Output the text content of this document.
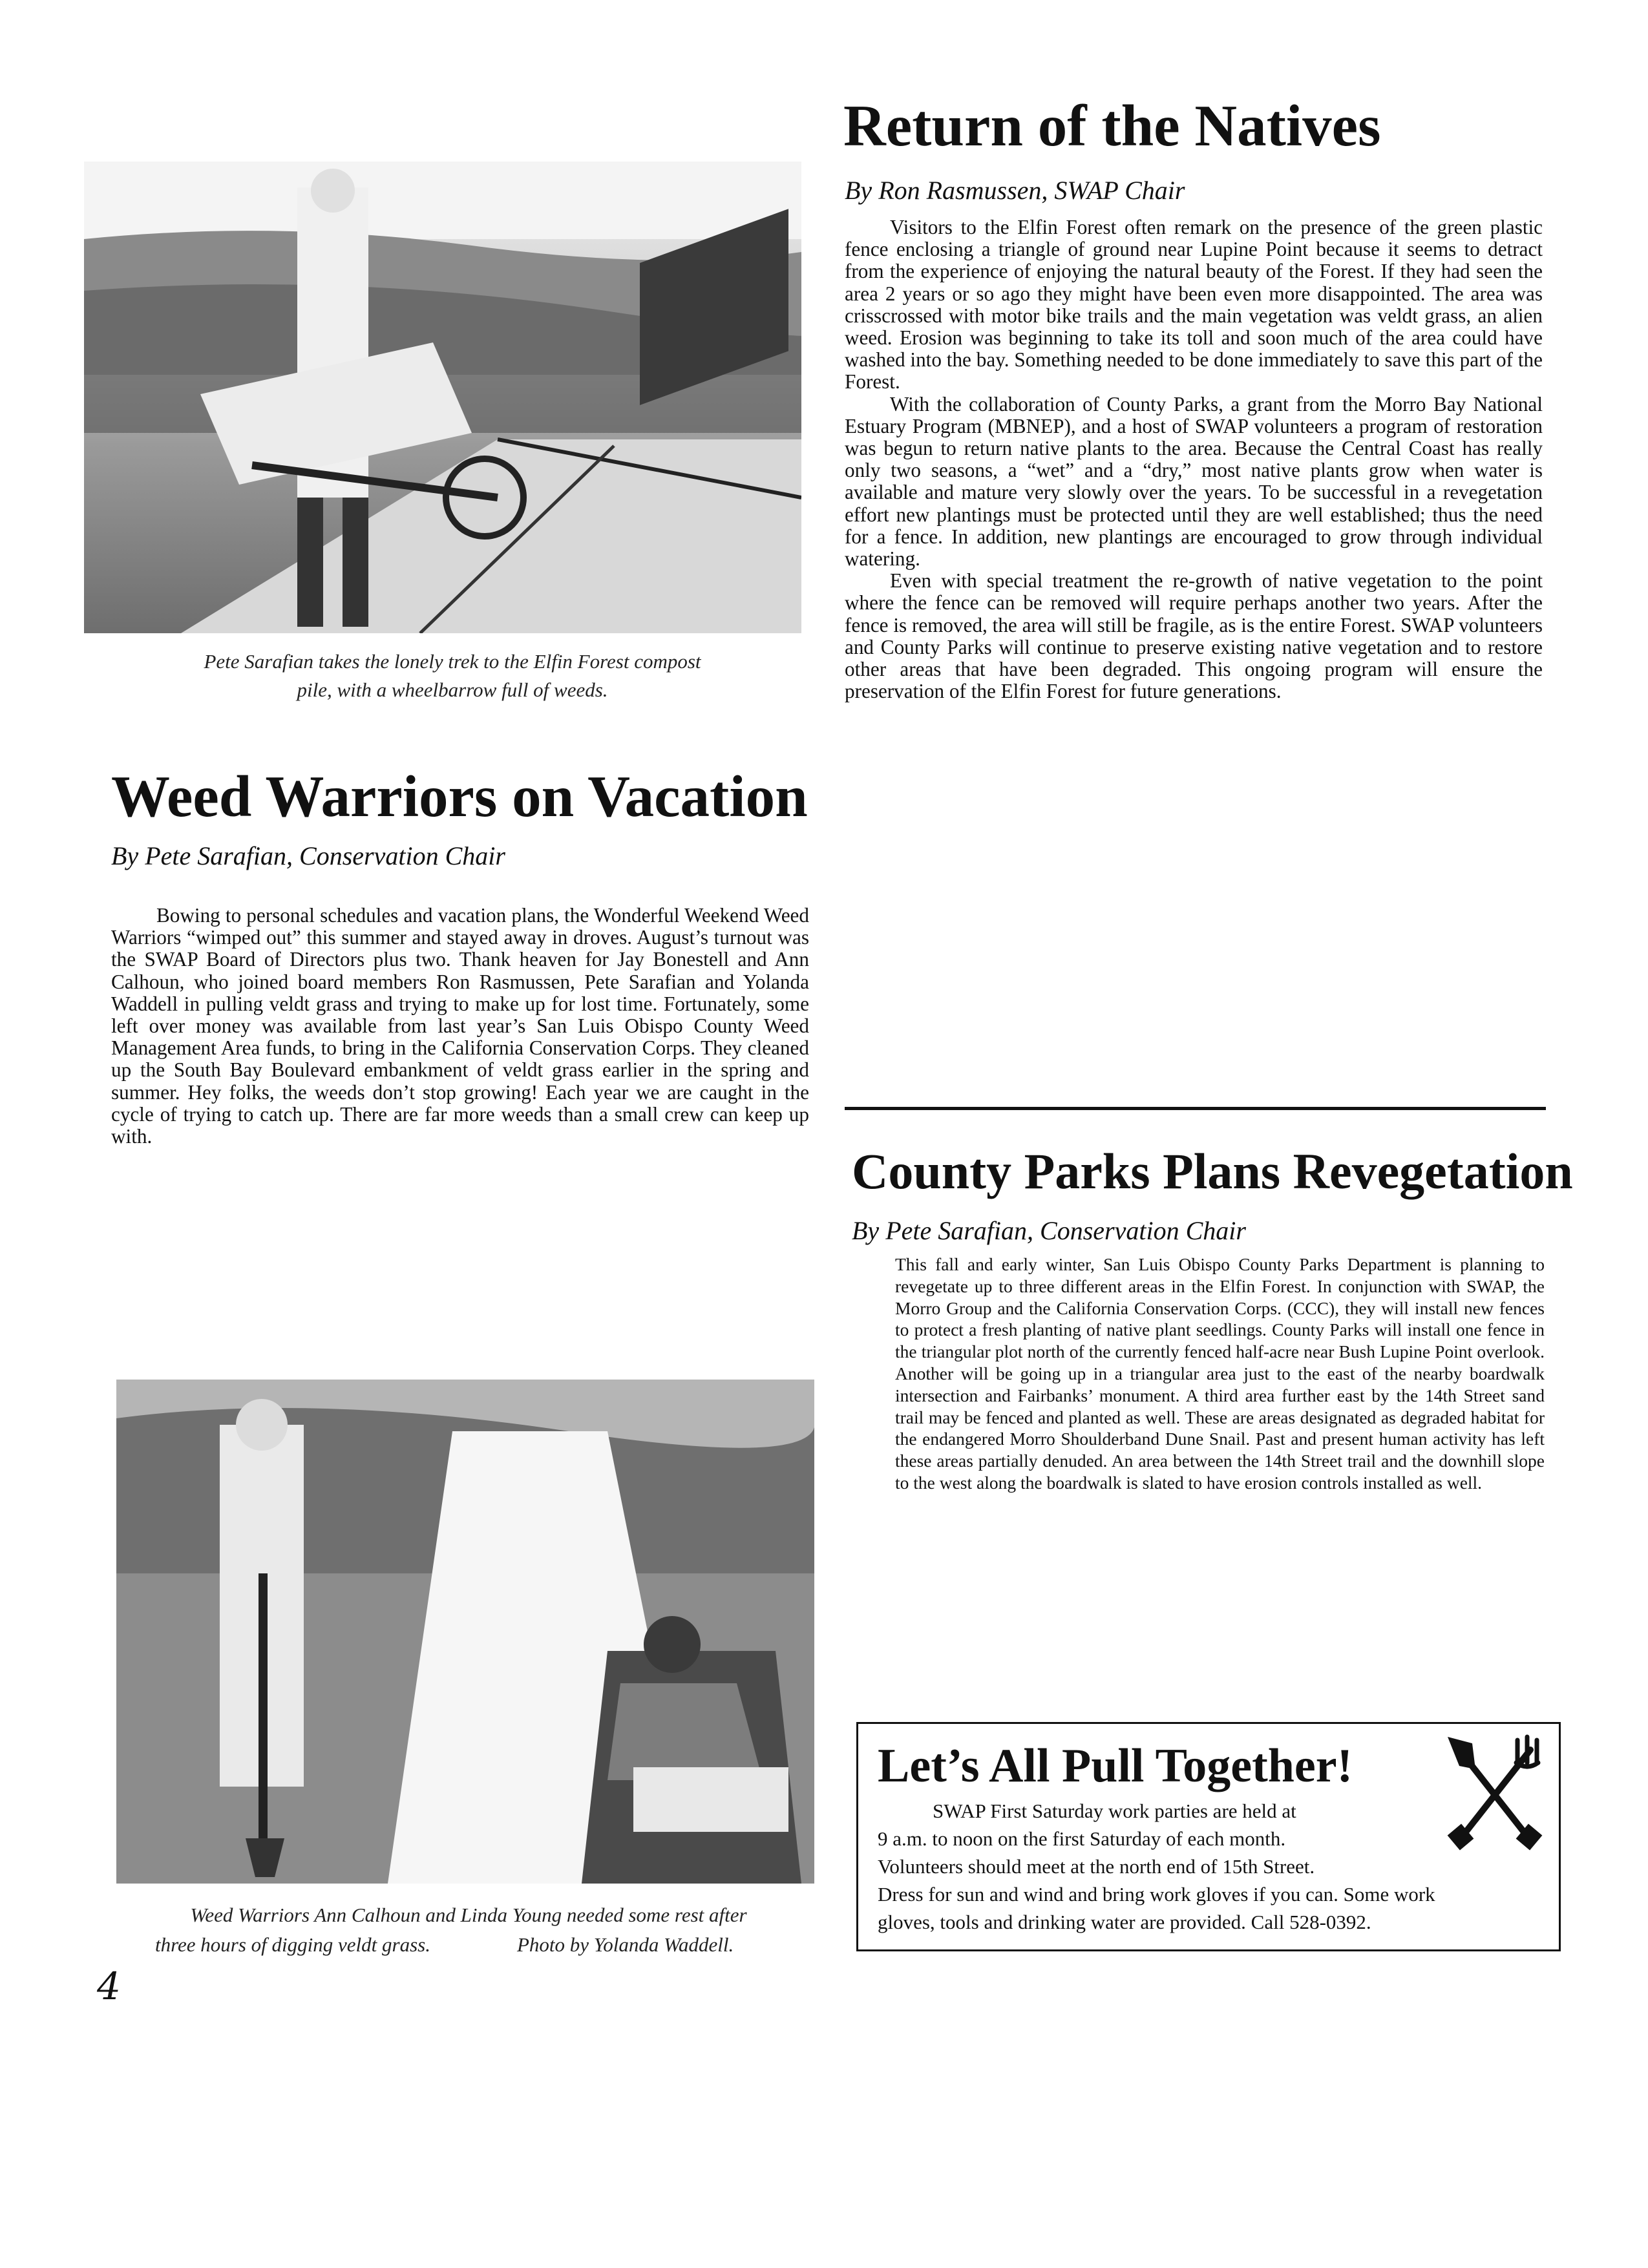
Pete Sarafian takes the lonely trek to the Elfin Forest compost pile, with a wheelbarrow full of weeds.
Weed Warriors on Vacation
By Pete Sarafian, Conservation Chair

Bowing to personal schedules and vacation plans, the Wonderful Weekend Weed Warriors “wimped out” this summer and stayed away in droves. August’s turnout was the SWAP Board of Directors plus two. Thank heaven for Jay Bonestell and Ann Calhoun, who joined board members Ron Rasmussen, Pete Sarafian and Yolanda Waddell in pulling veldt grass and trying to make up for lost time. Fortunately, some left over money was available from last year’s San Luis Obispo County Weed Management Area funds, to bring in the California Conservation Corps. They cleaned up the South Bay Boulevard embankment of veldt grass earlier in the spring and summer. Hey folks, the weeds don’t stop growing! Each year we are caught in the cycle of trying to catch up. There are far more weeds than a small crew can keep up with.

Weed Warriors Ann Calhoun and Linda Young needed some rest after
three hours of digging veldt grass.	Photo by Yolanda Waddell.
4
Return of the Natives
By Ron Rasmussen, SWAP Chair

Visitors to the Elfin Forest often remark on the presence of the green plastic fence enclosing a triangle of ground near Lupine Point because it seems to detract from the experience of enjoying the natural beauty of the Forest. If they had seen the area 2 years or so ago they might have been even more disappointed. The area was crisscrossed with motor bike trails and the main vegetation was veldt grass, an alien weed. Erosion was beginning to take its toll and soon much of the area could have washed into the bay. Something needed to be done immediately to save this part of the Forest.

With the collaboration of County Parks, a grant from the Morro Bay National Estuary Program (MBNEP), and a host of SWAP volunteers a program of restoration was begun to return native plants to the area. Because the Central Coast has really only two seasons, a “wet” and a “dry,” most native plants grow when water is available and mature very slowly over the years. To be successful in a revegetation effort new plantings must be protected until they are well established; thus the need for a fence. In addition, new plantings are encouraged to grow through individual watering.

Even with special treatment the re-growth of native vegetation to the point where the fence can be removed will require perhaps another two years. After the fence is removed, the area will still be fragile, as is the entire Forest. SWAP volunteers and County Parks will continue to preserve existing native vegetation and to restore other areas that have been degraded. This ongoing program will ensure the preservation of the Elfin Forest for future generations.

County Parks Plans Revegetation
By Pete Sarafian, Conservation Chair

This fall and early winter, San Luis Obispo County Parks Department is planning to revegetate up to three different areas in the Elfin Forest. In conjunction with SWAP, the Morro Group and the California Conservation Corps. (CCC), they will install new fences to protect a fresh planting of native plant seedlings. County Parks will install one fence in the triangular plot north of the currently fenced half-acre near Bush Lupine Point overlook. Another will be going up in a triangular area just to the east of the nearby boardwalk intersection and Fairbanks’ monument. A third area further east by the 14th Street sand trail may be fenced and planted as well. These are areas designated as degraded habitat for the endangered Morro Shoulderband Dune Snail. Past and present human activity has left these areas partially denuded. An area between the 14th Street trail and the downhill slope to the west along the boardwalk is slated to have erosion controls installed as well.

Let’s All Pull Together!
SWAP First Saturday work parties are held at
9 a.m. to noon on the first Saturday of each month.
Volunteers should meet at the north end of 15th Street.
Dress for sun and wind and bring work gloves if you can. Some work
gloves, tools and drinking water are provided. Call 528-0392.
